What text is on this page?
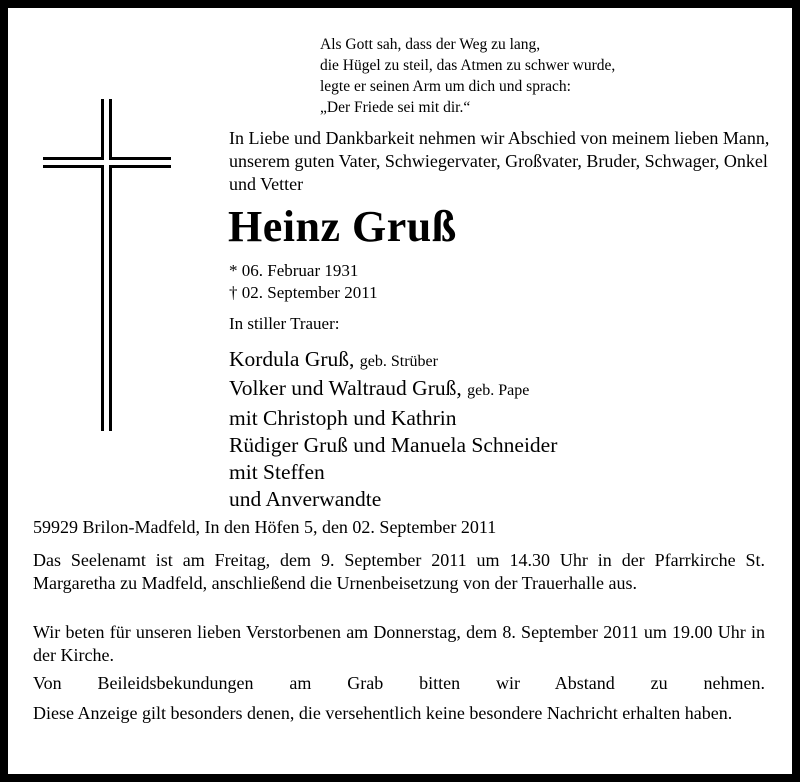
Als Gott sah, dass der Weg zu lang,
die Hügel zu steil, das Atmen zu schwer wurde,
legte er seinen Arm um dich und sprach:
„Der Friede sei mit dir.“
In Liebe und Dankbarkeit nehmen wir Abschied von meinem lieben Mann, unserem guten Vater, Schwiegervater, Großvater, Bruder, Schwager, Onkel und Vetter
Heinz Gruß
* 06. Februar 1931
† 02. September 2011
In stiller Trauer:
Kordula Gruß, geb. Strüber
Volker und Waltraud Gruß, geb. Pape
mit Christoph und Kathrin
Rüdiger Gruß und Manuela Schneider
mit Steffen
und Anverwandte
59929 Brilon-Madfeld, In den Höfen 5, den 02. September 2011
Das Seelenamt ist am Freitag, dem 9. September 2011 um 14.30 Uhr in der Pfarrkirche St. Margaretha zu Madfeld, anschließend die Urnenbeisetzung von der Trauerhalle aus.
Wir beten für unseren lieben Verstorbenen am Donnerstag, dem 8. September 2011 um 19.00 Uhr in der Kirche.
Von Beileidsbekundungen am Grab bitten wir Abstand zu nehmen.
Diese Anzeige gilt besonders denen, die versehentlich keine besondere Nachricht erhalten haben.
